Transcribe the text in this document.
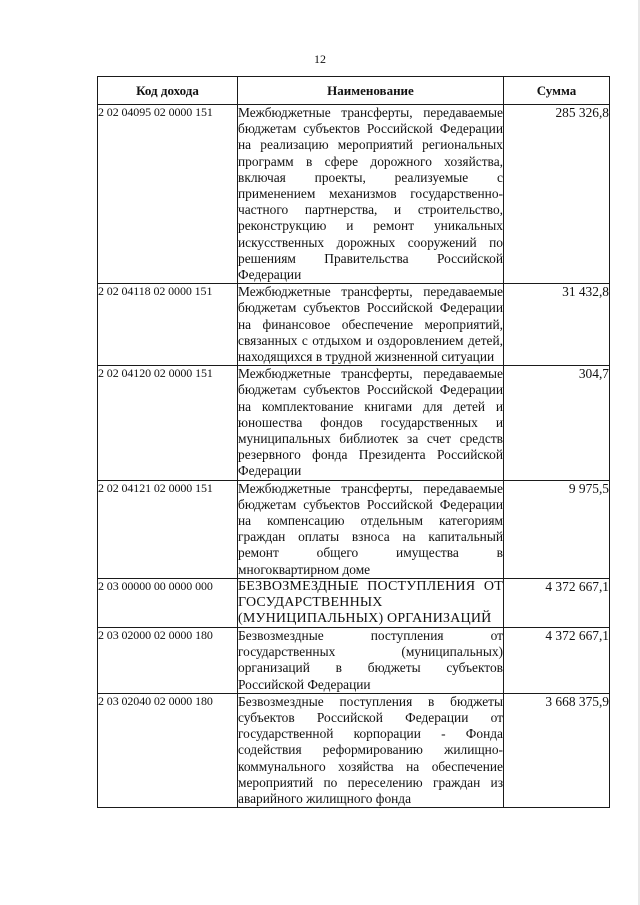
12
Код дохода	Наименование	Сумма
2 02 04095 02 0000 151	Межбюджетные трансферты, передаваемые бюджетам субъектов Российской Федерации на реализацию мероприятий региональных программ в сфере дорожного хозяйства, включая проекты, реализуемые с применением механизмов государственно-частного партнерства, и строительство, реконструкцию и ремонт уникальных искусственных дорожных сооружений по решениям Правительства Российской Федерации	285 326,8
2 02 04118 02 0000 151	Межбюджетные трансферты, передаваемые бюджетам субъектов Российской Федерации на финансовое обеспечение мероприятий, связанных с отдыхом и оздоровлением детей, находящихся в трудной жизненной ситуации	31 432,8
2 02 04120 02 0000 151	Межбюджетные трансферты, передаваемые бюджетам субъектов Российской Федерации на комплектование книгами для детей и юношества фондов государственных и муниципальных библиотек за счет средств резервного фонда Президента Российской Федерации	304,7
2 02 04121 02 0000 151	Межбюджетные трансферты, передаваемые бюджетам субъектов Российской Федерации на компенсацию отдельным категориям граждан оплаты взноса на капитальный ремонт общего имущества в многоквартирном доме	9 975,5
2 03 00000 00 0000 000	БЕЗВОЗМЕЗДНЫЕ ПОСТУПЛЕНИЯ ОТ ГОСУДАРСТВЕННЫХ (МУНИЦИПАЛЬНЫХ) ОРГАНИЗАЦИЙ	4 372 667,1
2 03 02000 02 0000 180	Безвозмездные поступления от государственных (муниципальных) организаций в бюджеты субъектов Российской Федерации	4 372 667,1
2 03 02040 02 0000 180	Безвозмездные поступления в бюджеты субъектов Российской Федерации от государственной корпорации - Фонда содействия реформированию жилищно-коммунального хозяйства на обеспечение мероприятий по переселению граждан из аварийного жилищного фонда	3 668 375,9
